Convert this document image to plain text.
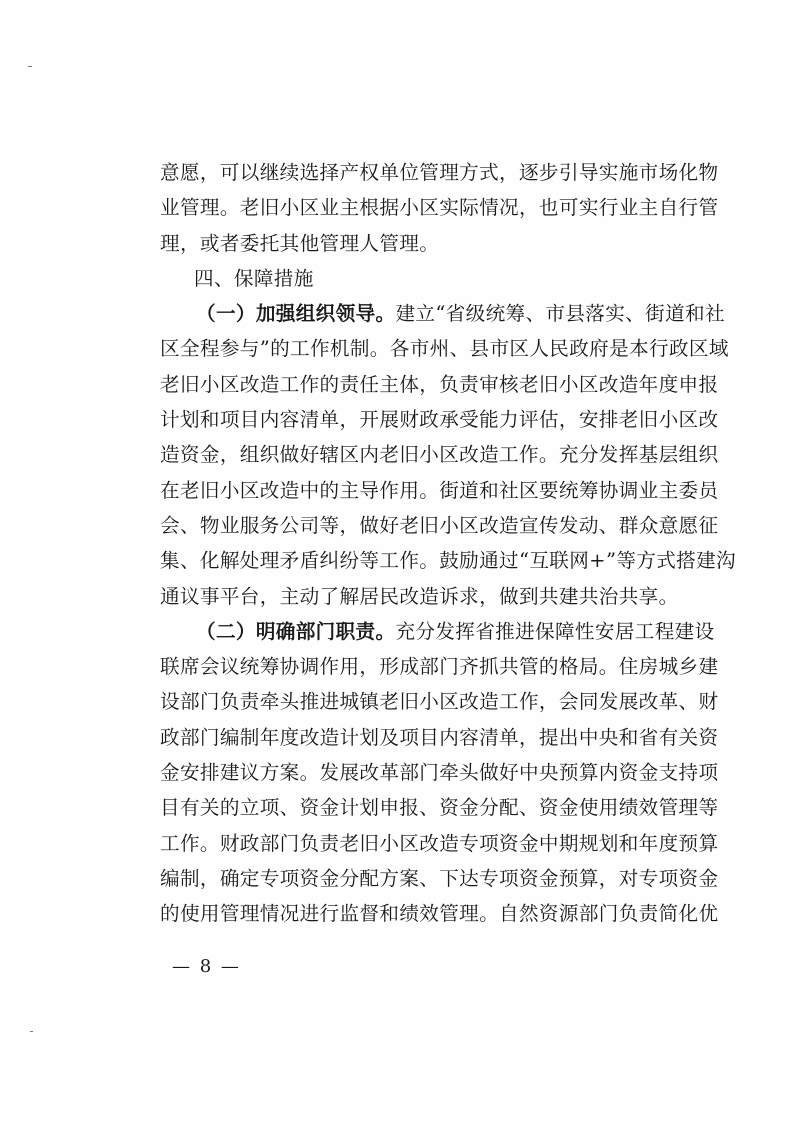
意愿，可以继续选择产权单位管理方式，逐步引导实施市场化物
业管理。老旧小区业主根据小区实际情况，也可实行业主自行管
理，或者委托其他管理人管理。
四、保障措施
（一）加强组织领导。建立“省级统筹、市县落实、街道和社
区全程参与”的工作机制。各市州、县市区人民政府是本行政区域
老旧小区改造工作的责任主体，负责审核老旧小区改造年度申报
计划和项目内容清单，开展财政承受能力评估，安排老旧小区改
造资金，组织做好辖区内老旧小区改造工作。充分发挥基层组织
在老旧小区改造中的主导作用。街道和社区要统筹协调业主委员
会、物业服务公司等，做好老旧小区改造宣传发动、群众意愿征
集、化解处理矛盾纠纷等工作。鼓励通过“互联网+”等方式搭建沟
通议事平台，主动了解居民改造诉求，做到共建共治共享。
（二）明确部门职责。充分发挥省推进保障性安居工程建设
联席会议统筹协调作用，形成部门齐抓共管的格局。住房城乡建
设部门负责牵头推进城镇老旧小区改造工作，会同发展改革、财
政部门编制年度改造计划及项目内容清单，提出中央和省有关资
金安排建议方案。发展改革部门牵头做好中央预算内资金支持项
目有关的立项、资金计划申报、资金分配、资金使用绩效管理等
工作。财政部门负责老旧小区改造专项资金中期规划和年度预算
编制，确定专项资金分配方案、下达专项资金预算，对专项资金
的使用管理情况进行监督和绩效管理。自然资源部门负责简化优
— 8 —
